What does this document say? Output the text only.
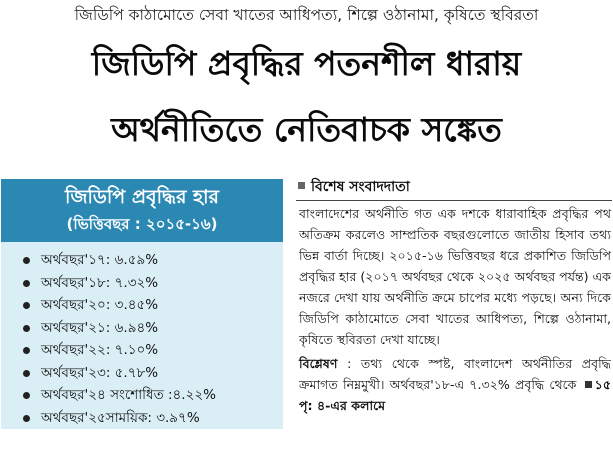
জিডিপি কাঠামোতে সেবা খাতের আধিপত্য, শিল্পে ওঠানামা, কৃষিতে স্থবিরতা
জিডিপি প্রবৃদ্ধির পতনশীল ধারায়
অর্থনীতিতে নেতিবাচক সঙ্কেত
জিডিপি প্রবৃদ্ধির হার
(ভিত্তিবছর : ২০১৫-১৬)
অর্থবছর'১৭: ৬.৫৯%
অর্থবছর'১৮: ৭.৩২%
অর্থবছর'২০: ৩.৪৫%
অর্থবছর'২১: ৬.৯৪%
অর্থবছর'২২: ৭.১০%
অর্থবছর'২৩: ৫.৭৮%
অর্থবছর'২৪ সংশোধিত :৪.২২%
অর্থবছর'২৫সাময়িক: ৩.৯৭%
বিশেষ সংবাদদাতা

বাংলাদেশের অর্থনীতি গত এক দশকে ধারাবাহিক প্রবৃদ্ধির পথ অতিক্রম করলেও সাম্প্রতিক বছরগুলোতে জাতীয় হিসাব তথ্য ভিন্ন বার্তা দিচ্ছে। ২০১৫-১৬ ভিত্তিবছর ধরে প্রকাশিত জিডিপি প্রবৃদ্ধির হার (২০১৭ অর্থবছর থেকে ২০২৫ অর্থবছর পর্যন্ত) এক নজরে দেখা যায় অর্থনীতি ক্রমে চাপের মধ্যে পড়ছে। অন্য দিকে জিডিপি কাঠামোতে সেবা খাতের আধিপত্য, শিল্পে ওঠানামা, কৃষিতে স্থবিরতা দেখা যাচ্ছে।

বিশ্লেষণ : তথ্য থেকে স্পষ্ট, বাংলাদেশ অর্থনীতির প্রবৃদ্ধি ক্রমাগত নিম্নমুখী। অর্থবছর'১৮-এ ৭.৩২% প্রবৃদ্ধি থেকে ১৫ পৃ: ৪-এর কলামে
